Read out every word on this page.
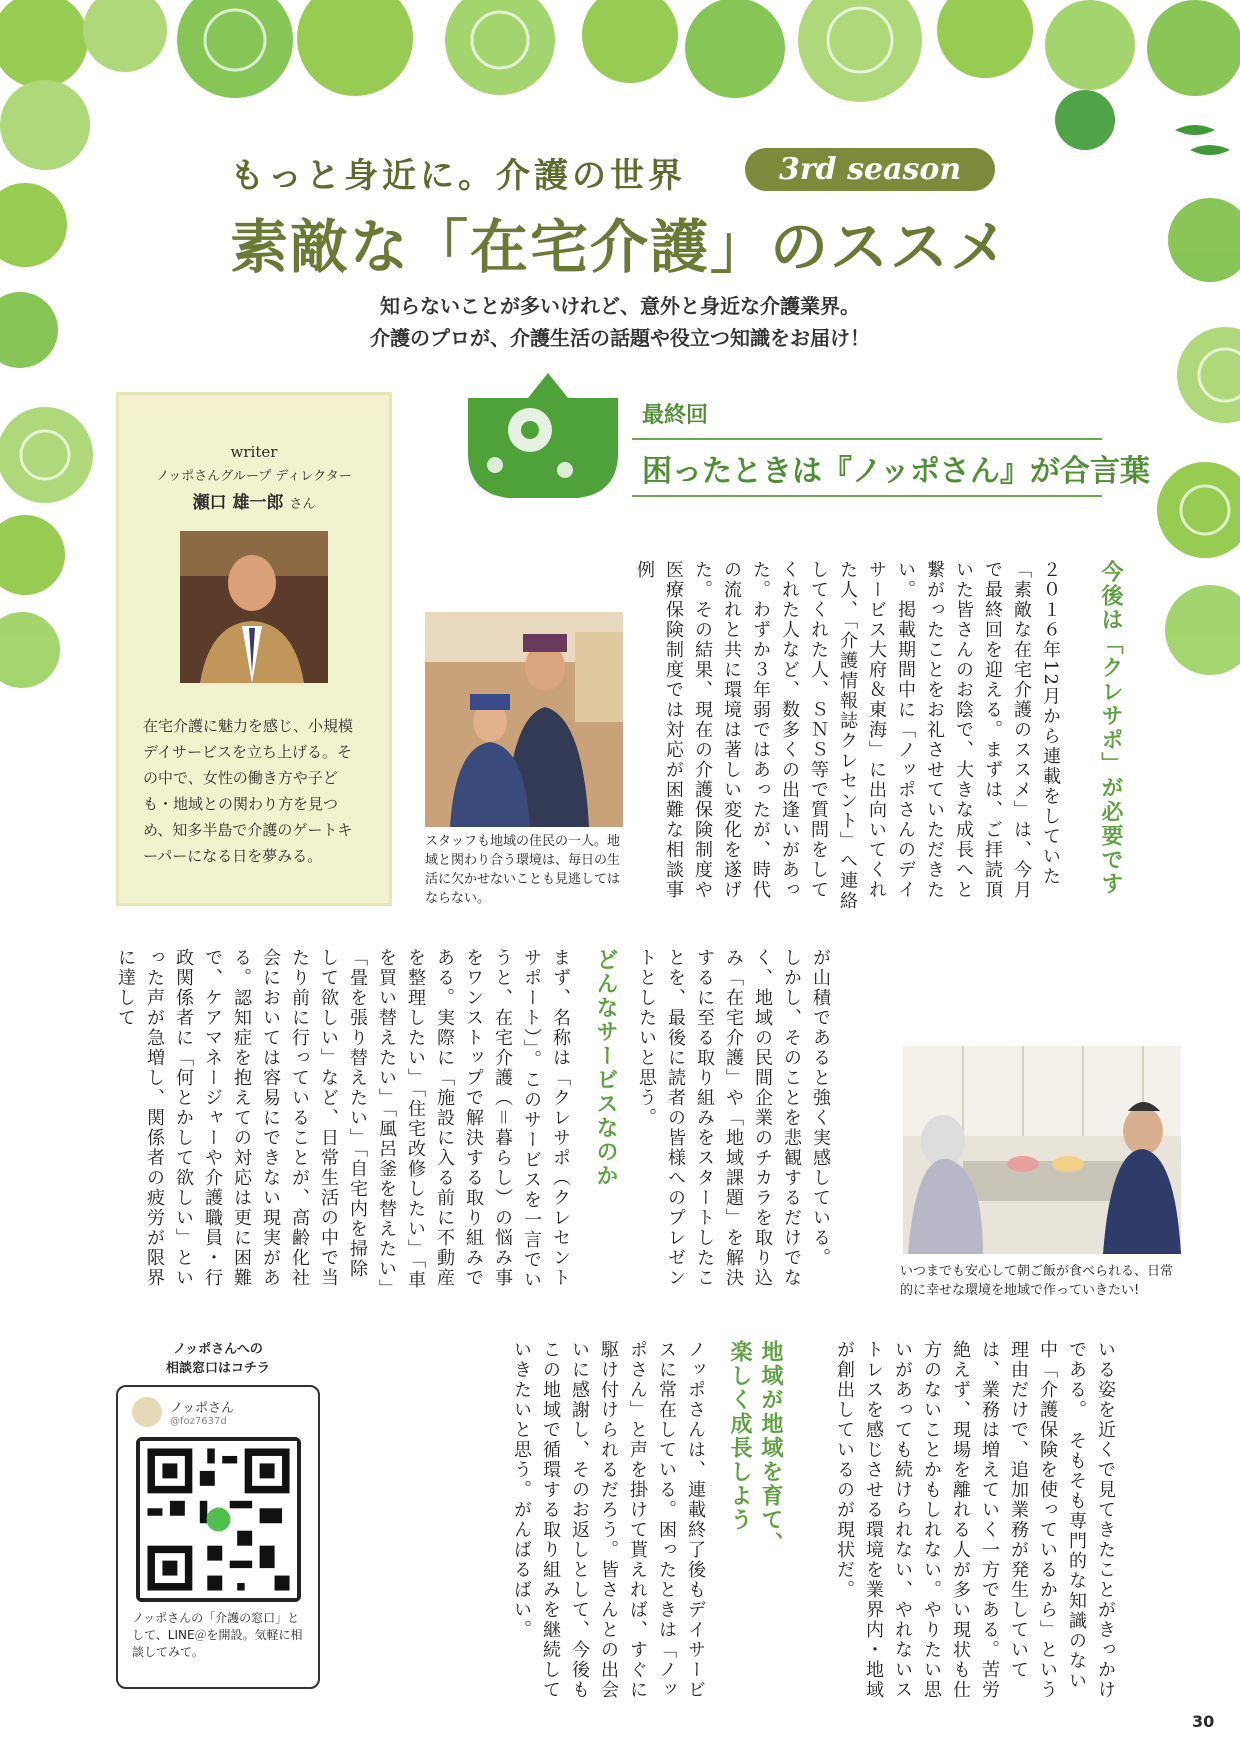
もっと身近に。介護の世界	3rd season
素敵な「在宅介護」のススメ
知らないことが多いけれど、意外と身近な介護業界。
介護のプロが、介護生活の話題や役立つ知識をお届け！
writer
ノッポさんグループ ディレクター
瀬口 雄一郎 さん
在宅介護に魅力を感じ、小規模デイサービスを立ち上げる。その中で、女性の働き方や子ども・地域との関わり方を見つめ、知多半島で介護のゲートキーパーになる日を夢みる。
最終回
困ったときは『ノッポさん』が合言葉
今後は「クレサポ」が必要です
２０１６年12月から連載をしていた「素敵な在宅介護のススメ」は、今月で最終回を迎える。まずは、ご拝読頂いた皆さんのお陰で、大きな成長へと繋がったことをお礼させていただきたい。掲載期間中に「ノッポさんのデイサービス大府＆東海」に出向いてくれた人、「介護情報誌クレセント」へ連絡してくれた人、ＳＮＳ等で質問をしてくれた人など、数多くの出逢いがあった。わずか３年弱ではあったが、時代の流れと共に環境は著しい変化を遂げた。その結果、現在の介護保険制度や医療保険制度では対応が困難な相談事例
スタッフも地域の住民の一人。地域と関わり合う環境は、毎日の生活に欠かせないことも見逃してはならない。
が山積であると強く実感している。　しかし、そのことを悲観するだけでなく、地域の民間企業のチカラを取り込み「在宅介護」や「地域課題」を解決するに至る取り組みをスタートしたことを、最後に読者の皆様へのプレゼントとしたいと思う。
いつまでも安心して朝ご飯が食べられる、日常的に幸せな環境を地域で作っていきたい!
どんなサービスなのか
まず、名称は「クレサポ（クレセントサポート）」。このサービスを一言でいうと、在宅介護（＝暮らし）の悩み事をワンストップで解決する取り組みである。実際に「施設に入る前に不動産を整理したい」「住宅改修したい」「車を買い替えたい」「風呂釜を替えたい」「畳を張り替えたい」「自宅内を掃除して欲しい」など、日常生活の中で当たり前に行っていることが、高齢化社会においては容易にできない現実がある。認知症を抱えての対応は更に困難で、ケアマネージャーや介護職員・行政関係者に「何とかして欲しい」といった声が急増し、関係者の疲労が限界に達して
いる姿を近くで見てきたことがきっかけである。　そもそも専門的な知識のない中「介護保険を使っているから」という理由だけで、追加業務が発生していては、業務は増えていく一方である。苦労絶えず、現場を離れる人が多い現状も仕方のないことかもしれない。やりたい思いがあっても続けられない、やれないストレスを感じさせる環境を業界内・地域が創出しているのが現状だ。
地域が地域を育て、楽しく成長しよう
ノッポさんは、連載終了後もデイサービスに常在している。困ったときは「ノッポさん」と声を掛けて貰えれば、すぐに駆け付けられるだろう。皆さんとの出会いに感謝し、そのお返しとして、今後もこの地域で循環する取り組みを継続していきたいと思う。がんばるばい。
ノッポさんへの
相談窓口はコチラ
ノッポさん
@foz7637d
ノッポさんの「介護の窓口」として、LINE＠を開設。気軽に相談してみて。
30
